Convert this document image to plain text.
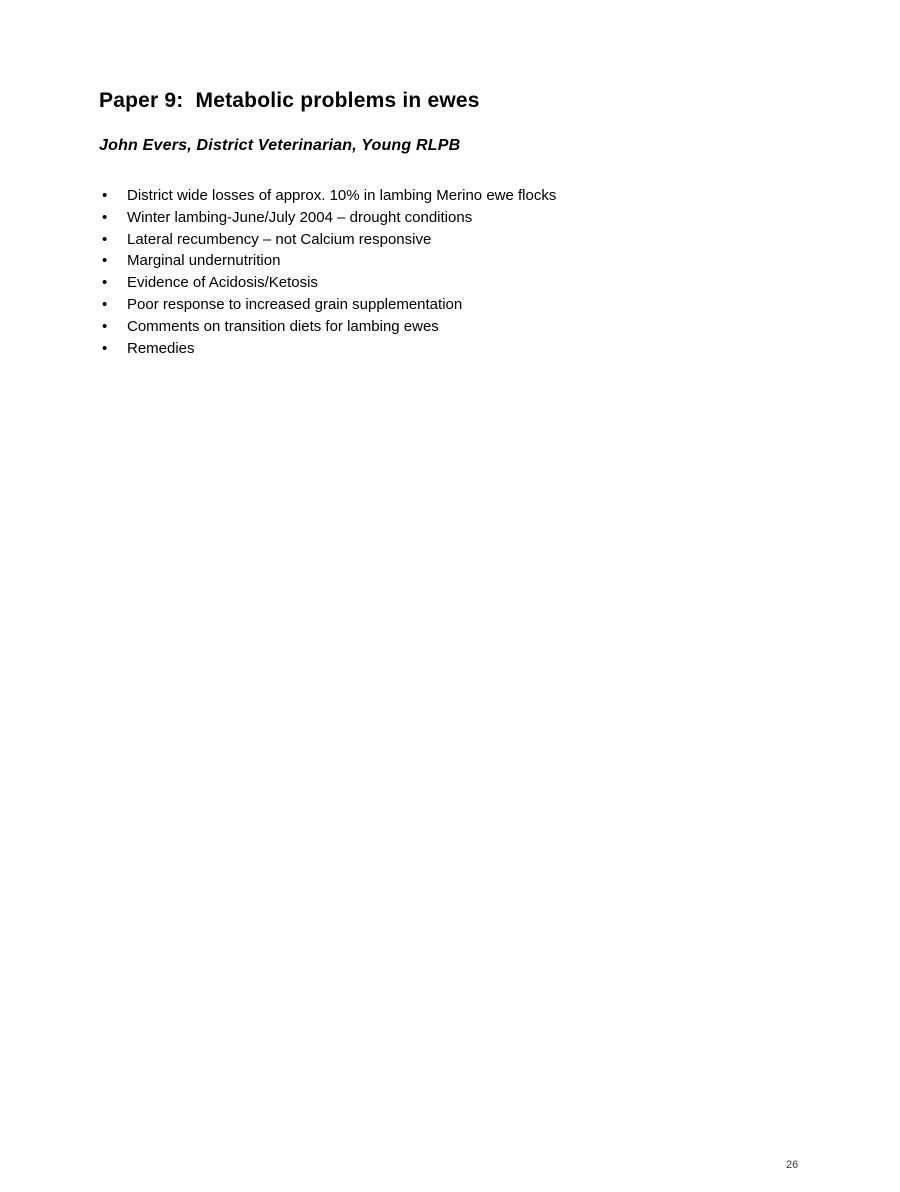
Paper 9:  Metabolic problems in ewes
John Evers, District Veterinarian, Young RLPB
•	District wide losses of approx. 10% in lambing Merino ewe flocks
•	Winter lambing-June/July 2004 – drought conditions
•	Lateral recumbency – not Calcium responsive
•	Marginal undernutrition
•	Evidence of Acidosis/Ketosis
•	Poor response to increased grain supplementation
•	Comments on transition diets for lambing ewes
•	Remedies
26
